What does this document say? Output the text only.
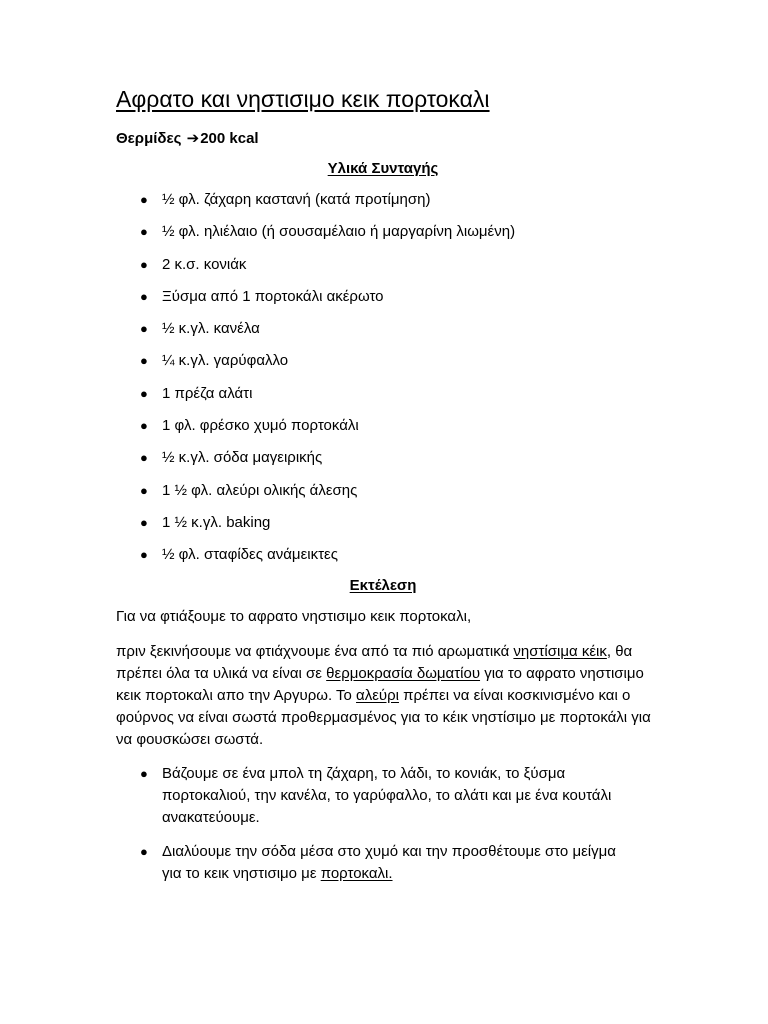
Αφρατο και νηστισιμο κεικ πορτοκαλι
Θερμίδες ➔200 kcal
Υλικά Συνταγής
● ½ φλ. ζάχαρη καστανή (κατά προτίμηση)
● ½ φλ. ηλιέλαιο (ή σουσαμέλαιο ή μαργαρίνη λιωμένη)
● 2 κ.σ. κονιάκ
● Ξύσμα από 1 πορτοκάλι ακέρωτο
● ½ κ.γλ. κανέλα
● ¼ κ.γλ. γαρύφαλλο
● 1 πρέζα αλάτι
● 1 φλ. φρέσκο χυμό πορτοκάλι
● ½ κ.γλ. σόδα μαγειρικής
● 1 ½ φλ. αλεύρι ολικής άλεσης
● 1 ½ κ.γλ. baking
● ½ φλ. σταφίδες ανάμεικτες
Εκτέλεση

Για να φτιάξουμε το αφρατο νηστισιμο κεικ πορτοκαλι,

πριν ξεκινήσουμε να φτιάχνουμε ένα από τα πιό αρωματικά νηστίσιμα κέικ, θα πρέπει όλα τα υλικά να είναι σε θερμοκρασία δωματίου για το αφρατο νηστισιμο κεικ πορτοκαλι απο την Αργυρω. Το αλεύρι πρέπει να είναι κοσκινισμένο και ο φούρνος να είναι σωστά προθερμασμένος για το κέικ νηστίσιμο με πορτοκάλι για να φουσκώσει σωστά.

● Βάζουμε σε ένα μπολ τη ζάχαρη, το λάδι, το κονιάκ, το ξύσμα πορτοκαλιού, την κανέλα, το γαρύφαλλο, το αλάτι και με ένα κουτάλι ανακατεύουμε.
● Διαλύουμε την σόδα μέσα στο χυμό και την προσθέτουμε στο μείγμα για το κεικ νηστισιμο με πορτοκαλι.
